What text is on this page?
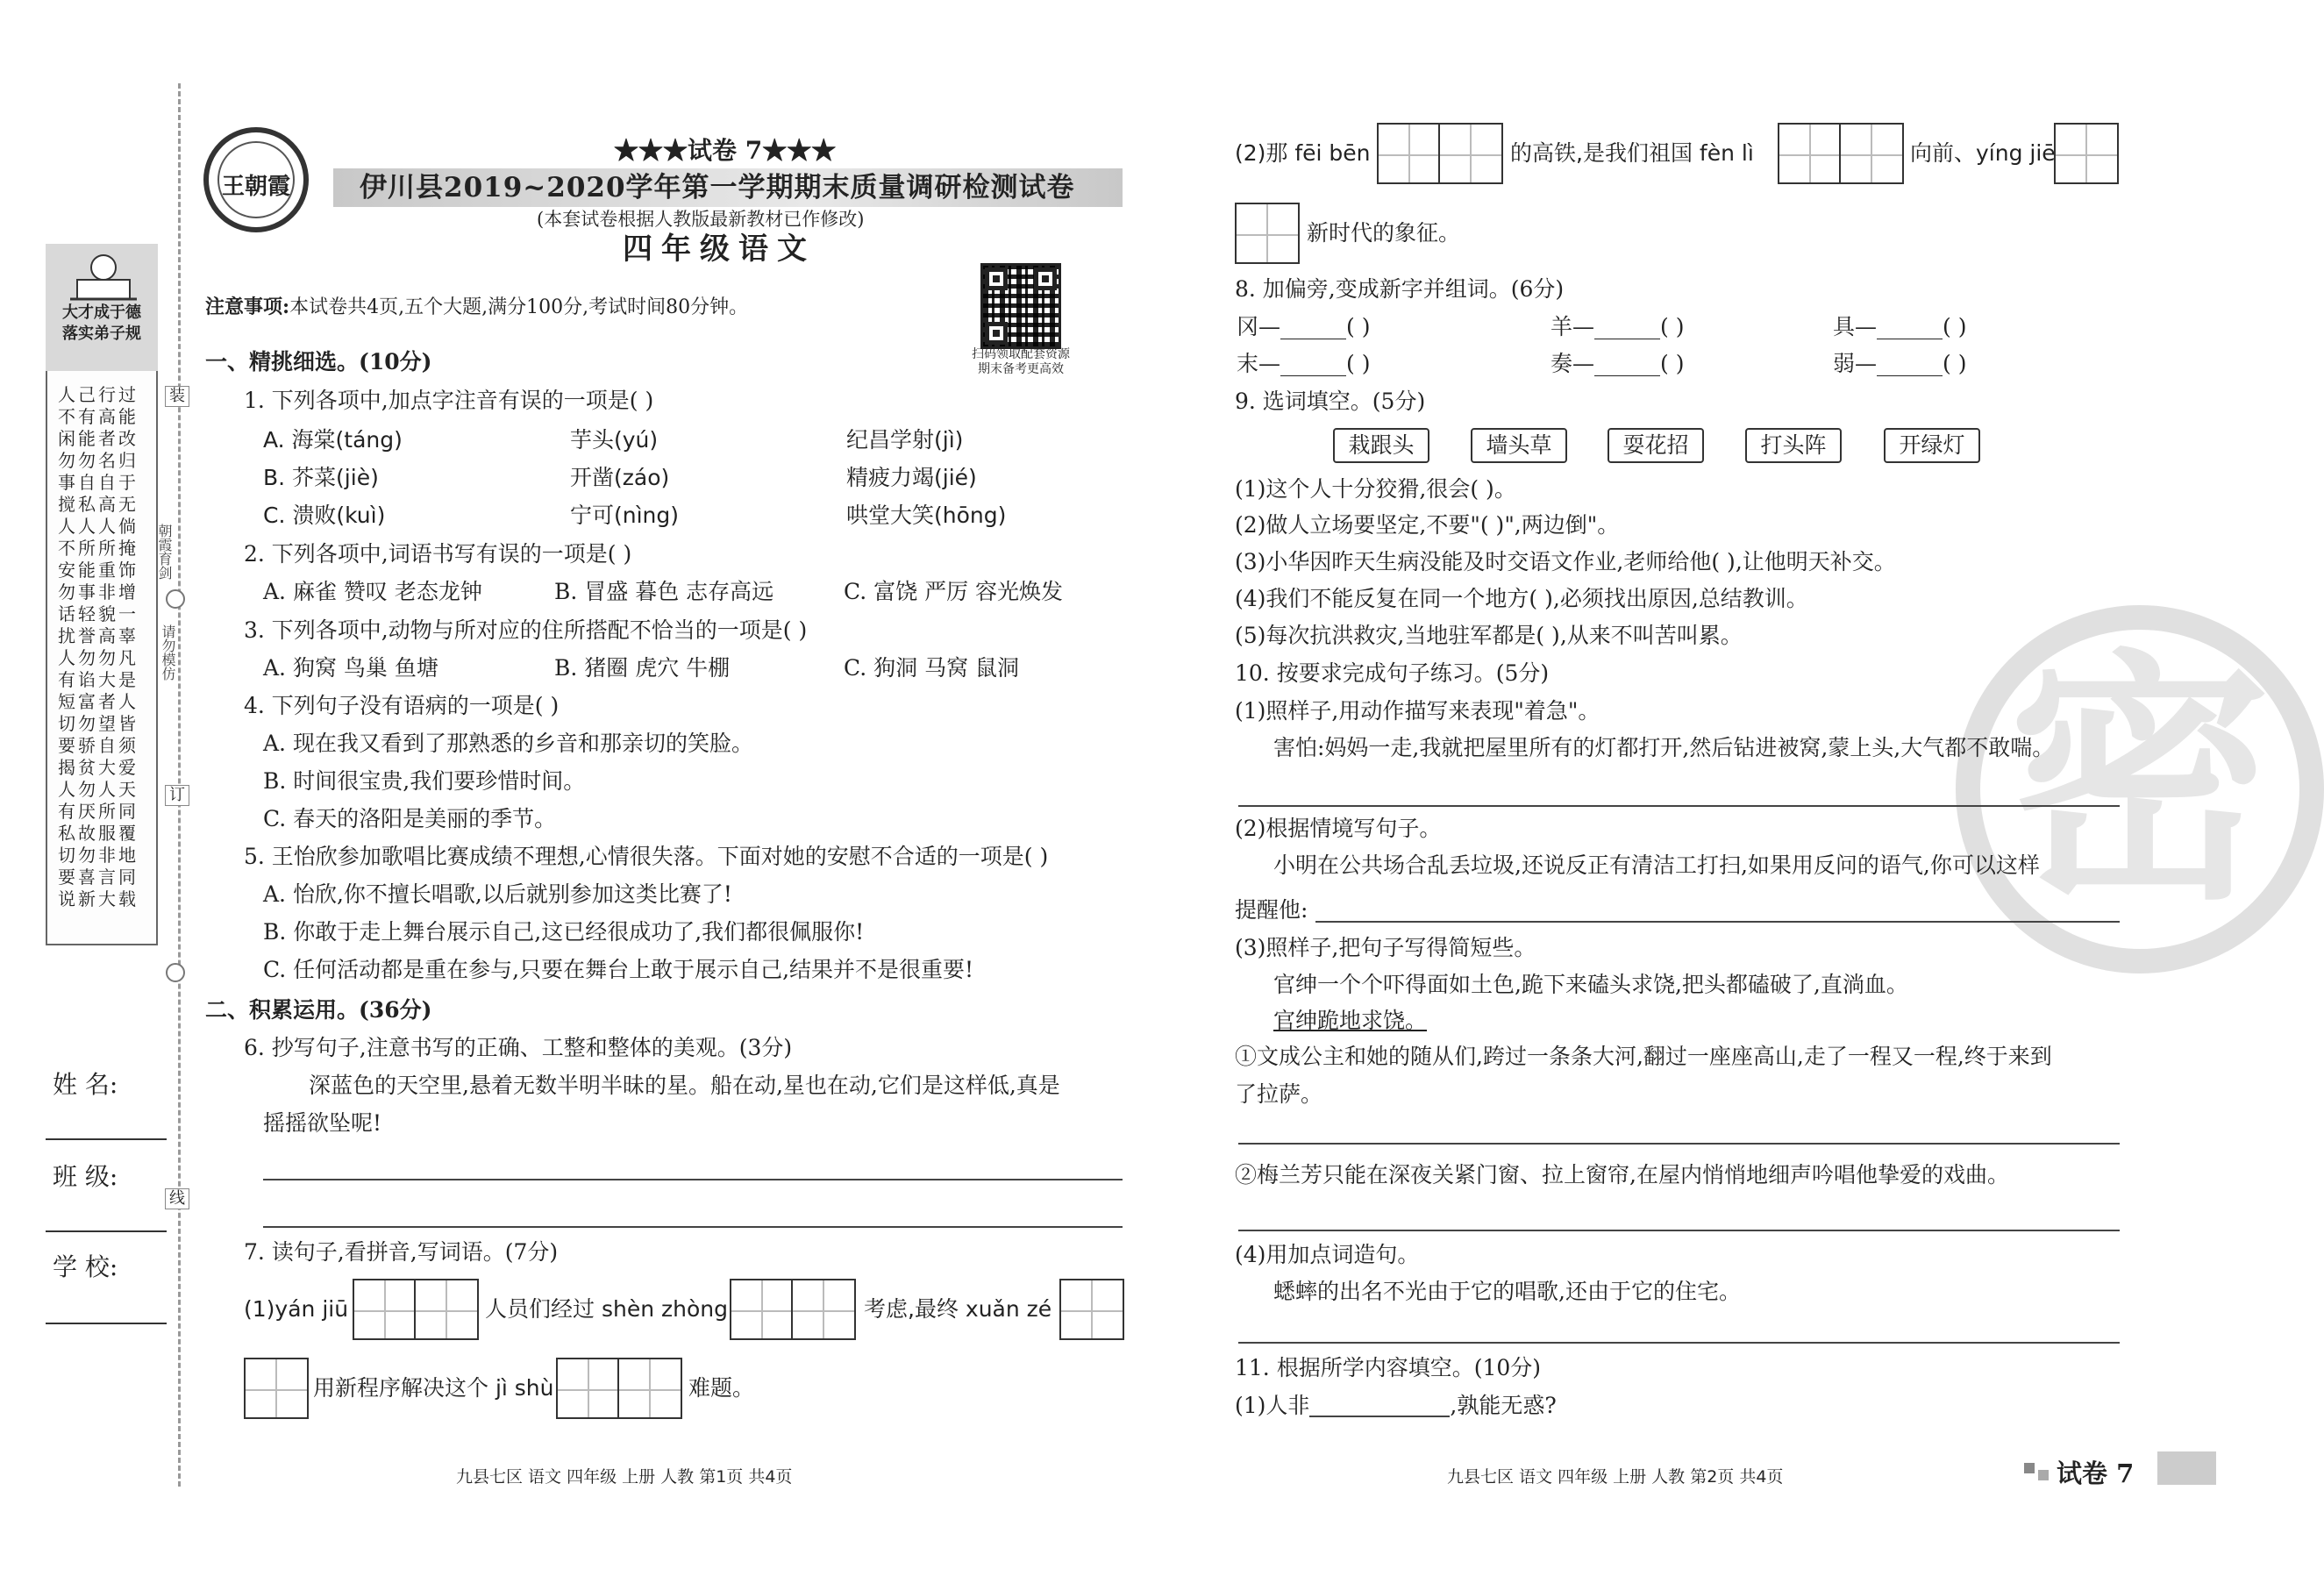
大才成于德
落实弟子规
人己行过
不有高能
闲能者改
勿勿名归
事自自于
搅私高无
人人人倘
不所所掩
安能重饰
勿事非增
话轻貌一
扰誉高辜
人勿勿凡
有谄大是
短富者人
切勿望皆
要骄自须
揭贫大爱
人勿人天
有厌所同
私故服覆
切勿非地
要喜言同
说新大载
装
朝霞育剑
请勿模仿
订
线
姓 名:
班 级:
学 校:
王朝霞
★★★试卷 7★★★
伊川县2019~2020学年第一学期期末质量调研检测试卷
(本套试卷根据人教版最新教材已作修改)
四年级语文
注意事项:本试卷共4页,五个大题,满分100分,考试时间80分钟。
扫码领取配套资源 期末备考更高效
一、精挑细选。(10分)
1. 下列各项中,加点字注音有误的一项是( )
A. 海棠(táng)	芋头(yú)	纪昌学射(jì)
B. 芥菜(jiè)	开凿(záo)	精疲力竭(jié)
C. 溃败(kuì)	宁可(nìng)	哄堂大笑(hōng)
2. 下列各项中,词语书写有误的一项是( )
A. 麻雀 赞叹 老态龙钟	B. 冒盛 暮色 志存高远	C. 富饶 严厉 容光焕发
3. 下列各项中,动物与所对应的住所搭配不恰当的一项是( )
A. 狗窝 鸟巢 鱼塘	B. 猪圈 虎穴 牛棚	C. 狗洞 马窝 鼠洞
4. 下列句子没有语病的一项是( )
A. 现在我又看到了那熟悉的乡音和那亲切的笑脸。
B. 时间很宝贵,我们要珍惜时间。
C. 春天的洛阳是美丽的季节。
5. 王怡欣参加歌唱比赛成绩不理想,心情很失落。下面对她的安慰不合适的一项是( )
A. 怡欣,你不擅长唱歌,以后就别参加这类比赛了!
B. 你敢于走上舞台展示自己,这已经很成功了,我们都很佩服你!
C. 任何活动都是重在参与,只要在舞台上敢于展示自己,结果并不是很重要!
二、积累运用。(36分)
6. 抄写句子,注意书写的正确、工整和整体的美观。(3分)
深蓝色的天空里,悬着无数半明半昧的星。船在动,星也在动,它们是这样低,真是
摇摇欲坠呢!
7. 读句子,看拼音,写词语。(7分)
(1)yán jiū	人员们经过 shèn zhòng	考虑,最终 xuǎn zé
用新程序解决这个 jì shù	难题。
九县七区 语文 四年级 上册 人教 第1页 共4页
密
(2)那 fēi bēn	的高铁,是我们祖国 fèn lì	向前、yíng jiē
新时代的象征。
8. 加偏旁,变成新字并组词。(6分)
冈—______( )	羊—______( )	具—______( )
末—______( )	奏—______( )	弱—______( )
9. 选词填空。(5分)
栽跟头	墙头草	耍花招	打头阵	开绿灯
(1)这个人十分狡猾,很会( )。
(2)做人立场要坚定,不要"( )",两边倒"。
(3)小华因昨天生病没能及时交语文作业,老师给他( ),让他明天补交。
(4)我们不能反复在同一个地方( ),必须找出原因,总结教训。
(5)每次抗洪救灾,当地驻军都是( ),从来不叫苦叫累。
10. 按要求完成句子练习。(5分)
(1)照样子,用动作描写来表现"着急"。
害怕:妈妈一走,我就把屋里所有的灯都打开,然后钻进被窝,蒙上头,大气都不敢喘。
(2)根据情境写句子。
小明在公共场合乱丢垃圾,还说反正有清洁工打扫,如果用反问的语气,你可以这样
提醒他:
(3)照样子,把句子写得简短些。
官绅一个个吓得面如土色,跪下来磕头求饶,把头都磕破了,直淌血。
官绅跪地求饶。
①文成公主和她的随从们,跨过一条条大河,翻过一座座高山,走了一程又一程,终于来到
了拉萨。
②梅兰芳只能在深夜关紧门窗、拉上窗帘,在屋内悄悄地细声吟唱他挚爱的戏曲。
(4)用加点词造句。
蟋蟀的出名不光由于它的唱歌,还由于它的住宅。
11. 根据所学内容填空。(10分)
(1)人非	,孰能无惑?
九县七区 语文 四年级 上册 人教 第2页 共4页	试卷 7
